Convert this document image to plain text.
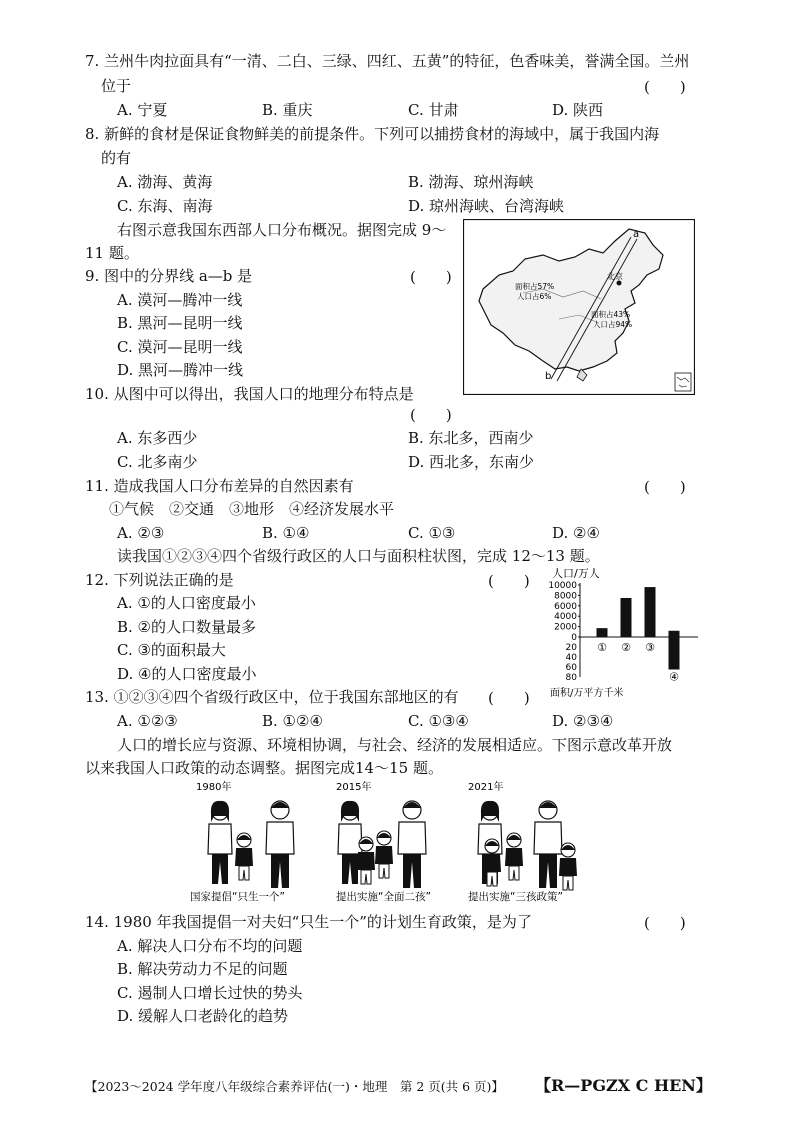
7. 兰州牛肉拉面具有“一清、二白、三绿、四红、五黄”的特征，色香味美，誉满全国。兰州
位于	(　　)
A. 宁夏	B. 重庆	C. 甘肃	D. 陕西
8. 新鲜的食材是保证食物鲜美的前提条件。下列可以捕捞食材的海域中，属于我国内海
的有
A. 渤海、黄海	B. 渤海、琼州海峡
C. 东海、南海	D. 琼州海峡、台湾海峡
右图示意我国东西部人口分布概况。据图完成 9～
11 题。
a
b
北京
面积占57%
人口占6%
面积占43%
人口占94%
9. 图中的分界线 a—b 是	(　　)
A. 漠河—腾冲一线
B. 黑河—昆明一线
C. 漠河—昆明一线
D. 黑河—腾冲一线
10. 从图中可以得出，我国人口的地理分布特点是
(　　)
A. 东多西少	B. 东北多，西南少
C. 北多南少	D. 西北多，东南少
11. 造成我国人口分布差异的自然因素有	(　　)
①气候　②交通　③地形　④经济发展水平
A. ②③	B. ①④	C. ①③	D. ②④
读我国①②③④四个省级行政区的人口与面积柱状图，完成 12～13 题。
12. 下列说法正确的是	(　　)
A. ①的人口密度最小
B. ②的人口数量最多
C. ③的面积最大
D. ④的人口密度最小
人口/万人
面积/万平方千米
10000
8000
6000
4000
2000
0
20
40
60
80
① ② ③
④
13. ①②③④四个省级行政区中，位于我国东部地区的有 (　　)
A. ①②③	B. ①②④	C. ①③④	D. ②③④
人口的增长应与资源、环境相协调，与社会、经济的发展相适应。下图示意改革开放
以来我国人口政策的动态调整。据图完成14～15 题。
1980年
国家提倡“只生一个”
2015年
提出实施“全面二孩”
2021年
提出实施“三孩政策”
14. 1980 年我国提倡一对夫妇“只生一个”的计划生育政策，是为了	(　　)
A. 解决人口分布不均的问题
B. 解决劳动力不足的问题
C. 遏制人口增长过快的势头
D. 缓解人口老龄化的趋势
【2023～2024 学年度八年级综合素养评估(一)・地理　第 2 页(共 6 页)】 【R—PGZX C HEN】
